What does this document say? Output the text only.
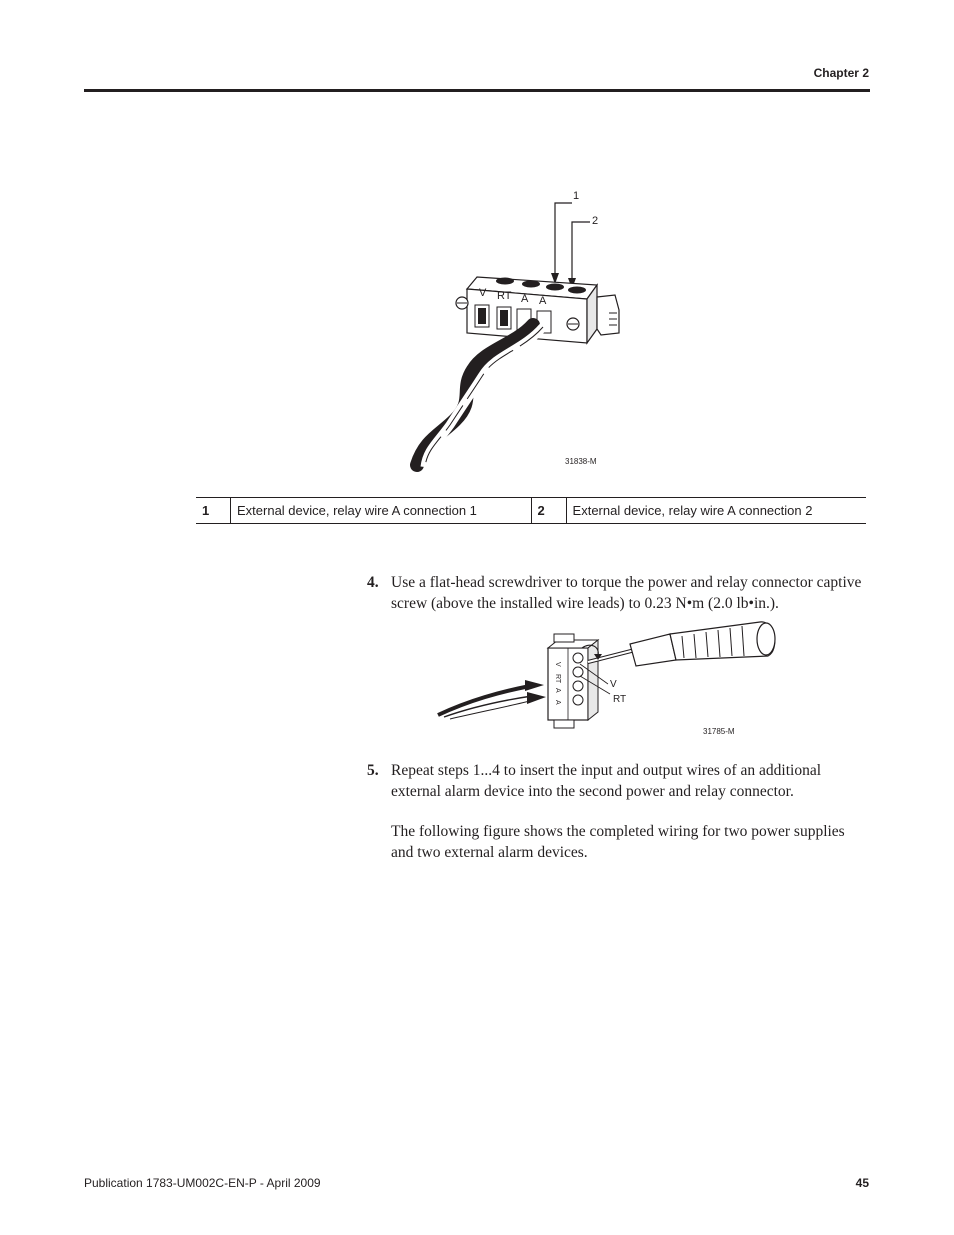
Chapter 2
1
2
V RT A A
31838-M
1	External device, relay wire A connection 1	2	External device, relay wire A connection 2
4. Use a flat-head screwdriver to torque the power and relay connector captive screw (above the installed wire leads) to 0.23 N•m (2.0 lb•in.).
V
RT
A
A
V
RT
31785-M
5. Repeat steps 1...4 to insert the input and output wires of an additional external alarm device into the second power and relay connector.
The following figure shows the completed wiring for two power supplies and two external alarm devices.
Publication 1783-UM002C-EN-P - April 2009	45
